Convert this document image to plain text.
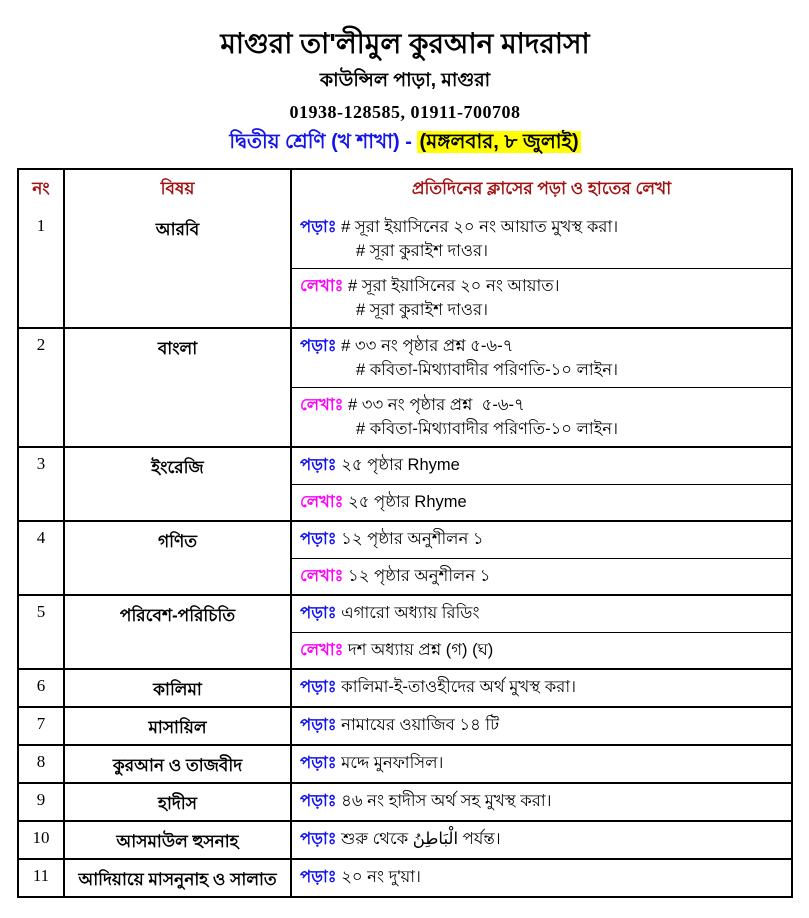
মাগুরা তা'লীমুল কুরআন মাদরাসা
কাউন্সিল পাড়া, মাগুরা
01938-128585, 01911-700708
দ্বিতীয় শ্রেণি (খ শাখা) - (মঙ্গলবার, ৮ জুলাই)
নং	বিষয়	প্রতিদিনের ক্লাসের পড়া ও হাতের লেখা
1	আরবি	পড়াঃ # সূরা ইয়াসিনের ২০ নং আয়াত মুখস্থ করা।
# সূরা কুরাইশ দাওর।
লেখাঃ # সূরা ইয়াসিনের ২০ নং আয়াত।
# সূরা কুরাইশ দাওর।
2	বাংলা	পড়াঃ # ৩৩ নং পৃষ্ঠার প্রশ্ন ৫-৬-৭
# কবিতা-মিথ্যাবাদীর পরিণতি-১০ লাইন।
লেখাঃ # ৩৩ নং পৃষ্ঠার প্রশ্ন  ৫-৬-৭
# কবিতা-মিথ্যাবাদীর পরিণতি-১০ লাইন।
3	ইংরেজি	পড়াঃ ২৫ পৃষ্ঠার Rhyme
লেখাঃ ২৫ পৃষ্ঠার Rhyme
4	গণিত	পড়াঃ ১২ পৃষ্ঠার অনুশীলন ১
লেখাঃ ১২ পৃষ্ঠার অনুশীলন ১
5	পরিবেশ-পরিচিতি	পড়াঃ এগারো অধ্যায় রিডিং
লেখাঃ দশ অধ্যায় প্রশ্ন (গ) (ঘ)
6	কালিমা	পড়াঃ কালিমা-ই-তাওহীদের অর্থ মুখস্থ করা।
7	মাসায়িল	পড়াঃ নামাযের ওয়াজিব ১৪ টি
8	কুরআন ও তাজবীদ	পড়াঃ মদ্দে মুনফাসিল।
9	হাদীস	পড়াঃ ৪৬ নং হাদীস অর্থ সহ মুখস্থ করা।
10	আসমাউল হুসনাহ	পড়াঃ শুরু থেকে الْبَاطِنُ পর্যন্ত।
11	আদিয়ায়ে মাসনুনাহ ও সালাত	পড়াঃ ২০ নং দু'য়া।
